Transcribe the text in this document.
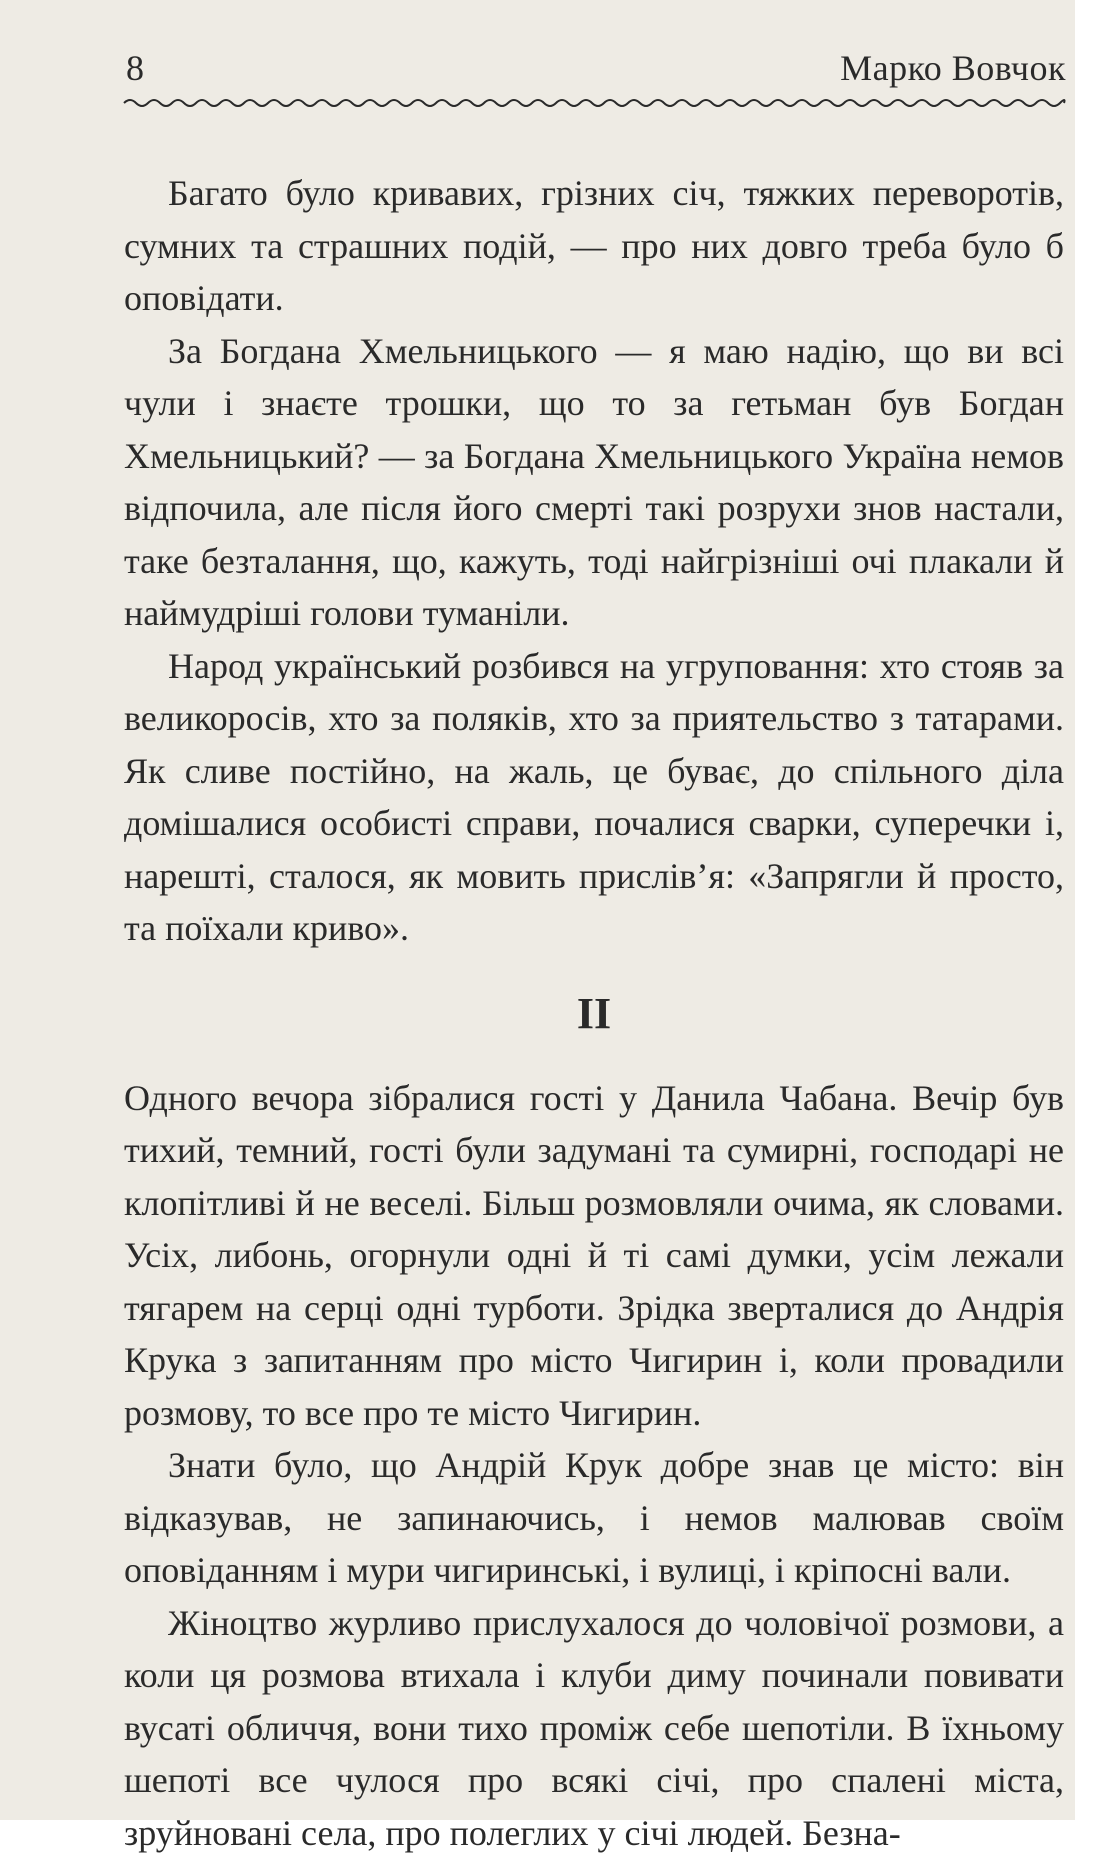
8	Марко Вовчок

Багато було кривавих, грізних січ, тяжких переворотів, сумних та страшних подій, — про них довго треба було б оповідати.

За Богдана Хмельницького — я маю надію, що ви всі чули і знаєте трошки, що то за гетьман був Богдан Хмельницький? — за Богдана Хмельницького Україна немов відпочила, але після його смерті такі розрухи знов настали, таке безталання, що, кажуть, тоді найгрізніші очі плакали й наймудріші голови туманіли.

Народ український розбився на угруповання: хто стояв за великоросів, хто за поляків, хто за приятельство з татарами. Як сливе постійно, на жаль, це буває, до спільного діла домішалися особисті справи, почалися сварки, суперечки і, нарешті, сталося, як мовить прислів’я: «Запрягли й просто, та поїхали криво».

II

Одного вечора зібралися гості у Данила Чабана. Вечір був тихий, темний, гості були задумані та сумирні, господарі не клопітливі й не веселі. Більш розмовляли очима, як словами. Усіх, либонь, огорнули одні й ті самі думки, усім лежали тягарем на серці одні турботи. Зрідка зверталися до Андрія Крука з запитанням про місто Чигирин і, коли провадили розмову, то все про те місто Чигирин.

Знати було, що Андрій Крук добре знав це місто: він відказував, не запинаючись, і немов малював своїм оповіданням і мури чигиринські, і вулиці, і кріпосні вали.

Жіноцтво журливо прислухалося до чоловічої розмови, а коли ця розмова втихала і клуби диму починали повивати вусаті обличчя, вони тихо проміж себе шепотіли. В їхньому шепоті все чулося про всякі січі, про спалені міста, зруйновані села, про полеглих у січі людей. Безна-
